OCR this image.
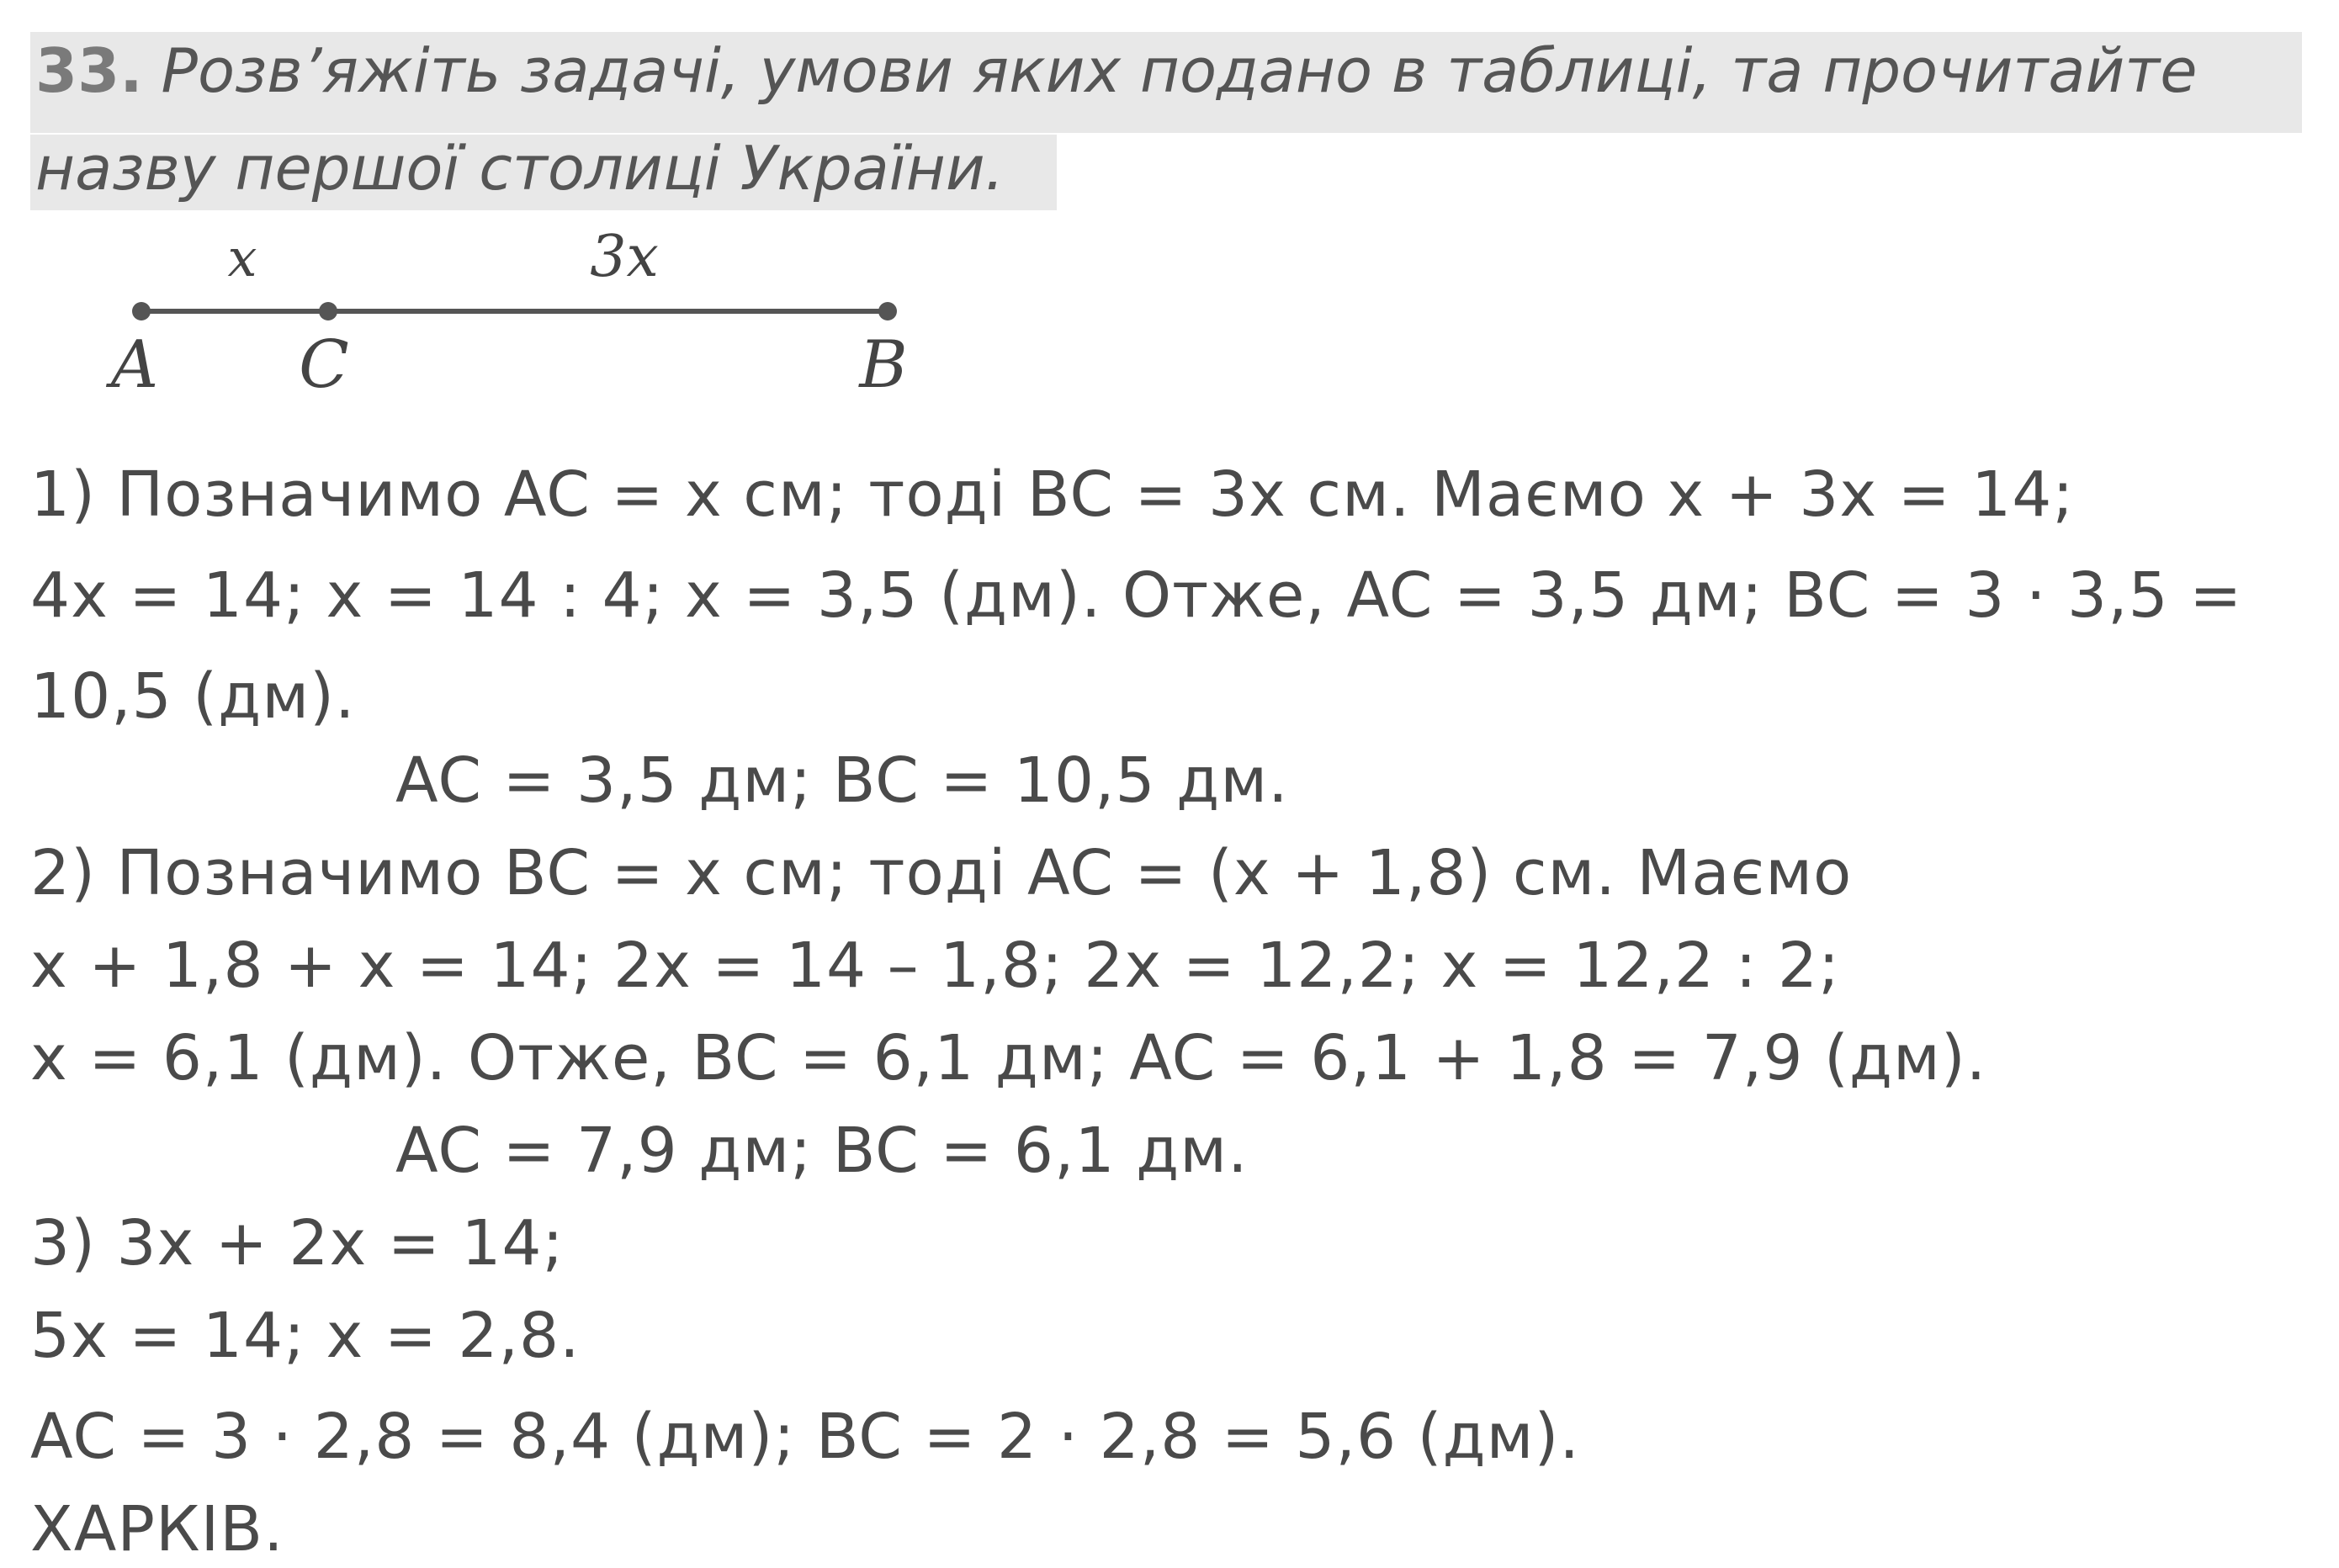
33. Розв’яжіть задачі, умови яких подано в таблиці, та прочитайте
назву першої столиці України.
x	3x
A C	B
1) Позначимо AC = x см; тоді BC = 3x см. Маємо x + 3x = 14;
4x = 14; x = 14 : 4; x = 3,5 (дм). Отже, AC = 3,5 дм; BC = 3 · 3,5 =
10,5 (дм).
AC = 3,5 дм; BC = 10,5 дм.
2) Позначимо BC = x см; тоді AC = (x + 1,8) см. Маємо
x + 1,8 + x = 14; 2x = 14 – 1,8; 2x = 12,2; x = 12,2 : 2;
x = 6,1 (дм). Отже, BC = 6,1 дм; AC = 6,1 + 1,8 = 7,9 (дм).
AC = 7,9 дм; BC = 6,1 дм.
3) 3x + 2x = 14;
5x = 14; x = 2,8.
AC = 3 · 2,8 = 8,4 (дм); BC = 2 · 2,8 = 5,6 (дм).
ХАРКІВ.
